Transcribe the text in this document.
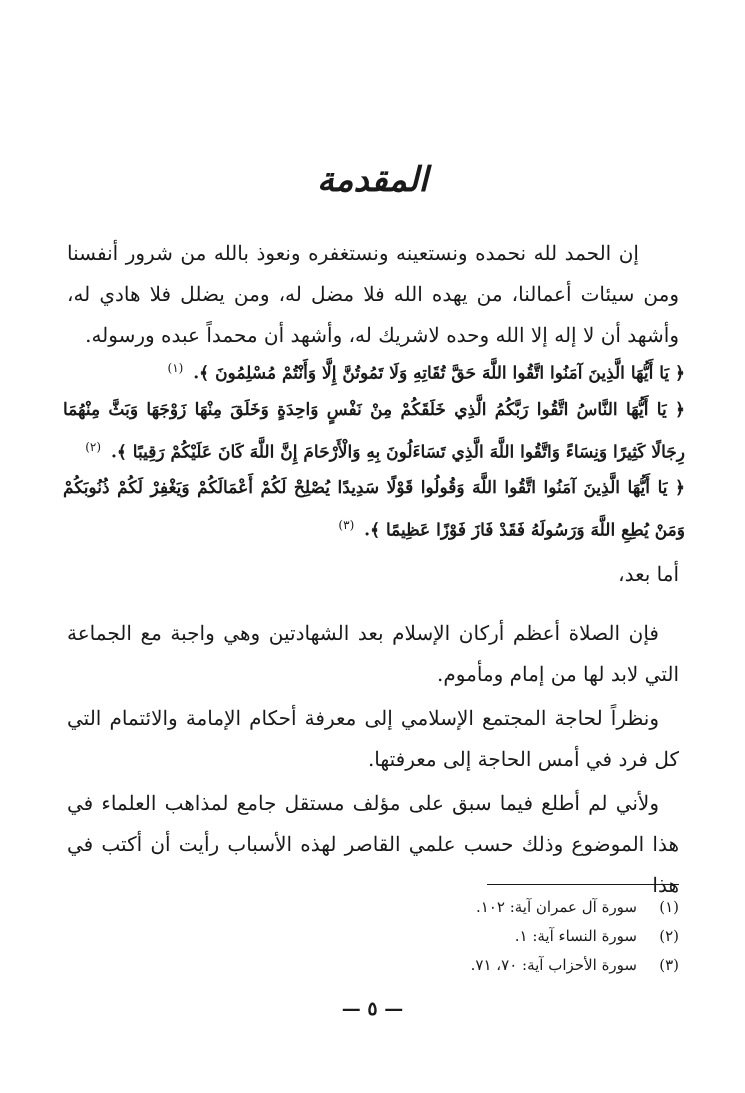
المقدمة

إن الحمد لله نحمده ونستعينه ونستغفره ونعوذ بالله من شرور أنفسنا ومن سيئات أعمالنا، من يهده الله فلا مضل له، ومن يضلل فلا هادي له، وأشهد أن لا إله إلا الله وحده لاشريك له، وأشهد أن محمداً عبده ورسوله.

﴿ يَا أَيُّهَا الَّذِينَ آمَنُوا اتَّقُوا اللَّهَ حَقَّ تُقَاتِهِ وَلَا تَمُوتُنَّ إِلَّا وَأَنْتُمْ مُسْلِمُونَ ﴾. $^{(١)}$
﴿ يَا أَيُّهَا النَّاسُ اتَّقُوا رَبَّكُمُ الَّذِي خَلَقَكُمْ مِنْ نَفْسٍ وَاحِدَةٍ وَخَلَقَ مِنْهَا زَوْجَهَا وَبَثَّ مِنْهُمَا رِجَالًا كَثِيرًا وَنِسَاءً وَاتَّقُوا اللَّهَ الَّذِي تَسَاءَلُونَ بِهِ وَالْأَرْحَامَ إِنَّ اللَّهَ كَانَ عَلَيْكُمْ رَقِيبًا ﴾. $^{(٢)}$
﴿ يَا أَيُّهَا الَّذِينَ آمَنُوا اتَّقُوا اللَّهَ وَقُولُوا قَوْلًا سَدِيدًا يُصْلِحْ لَكُمْ أَعْمَالَكُمْ وَيَغْفِرْ لَكُمْ ذُنُوبَكُمْ وَمَنْ يُطِعِ اللَّهَ وَرَسُولَهُ فَقَدْ فَازَ فَوْزًا عَظِيمًا ﴾. $^{(٣)}$
أما بعد،

فإن الصلاة أعظم أركان الإسلام بعد الشهادتين وهي واجبة مع الجماعة التي لابد لها من إمام ومأموم.

ونظراً لحاجة المجتمع الإسلامي إلى معرفة أحكام الإمامة والائتمام التي كل فرد في أمس الحاجة إلى معرفتها.

ولأني لم أطلع فيما سبق على مؤلف مستقل جامع لمذاهب العلماء في هذا الموضوع وذلك حسب علمي القاصر لهذه الأسباب رأيت أن أكتب في هذا

(١)
سورة آل عمران آية: ١٠٢.
(٢)
سورة النساء آية: ١.
(٣)
سورة الأحزاب آية: ٧٠، ٧١.
— ٥ —
